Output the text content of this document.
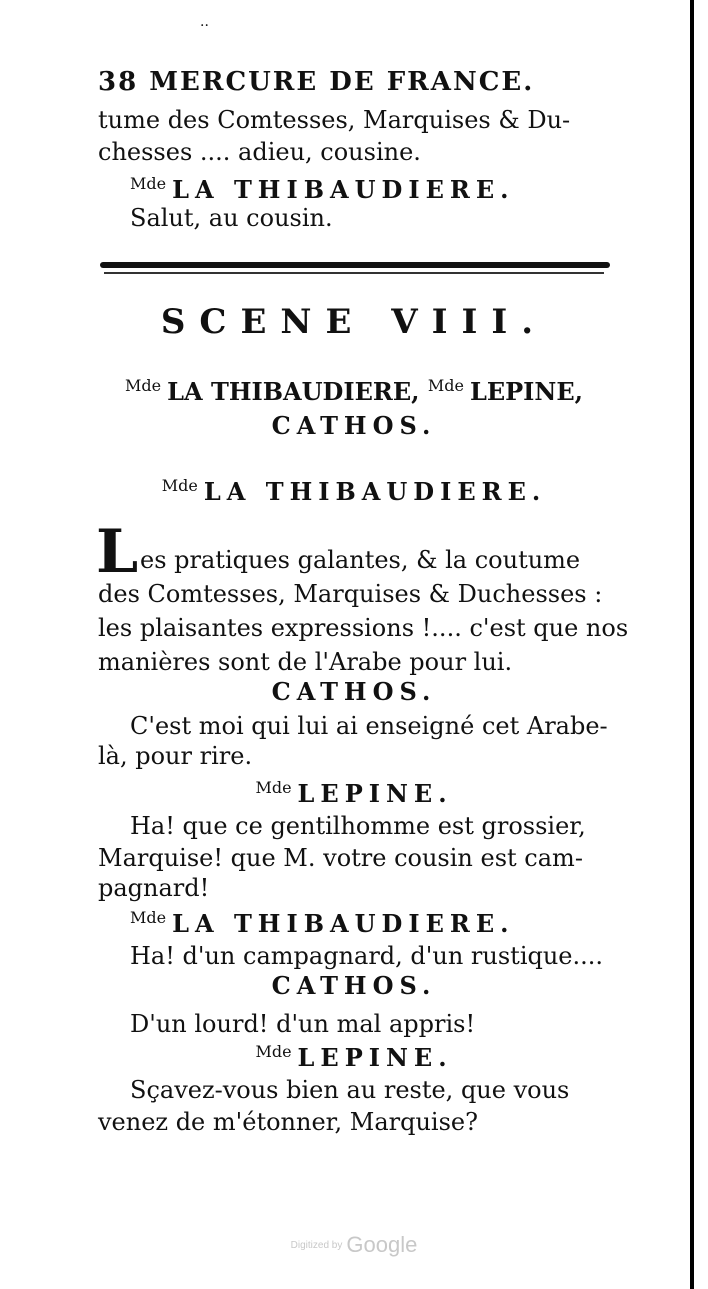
··
38 MERCURE DE FRANCE.
tume des Comtesses, Marquises & Du-
chesses .... adieu, cousine.
$^{Mde}$ LA THIBAUDIERE.
Salut, au cousin.
SCENE VIII.
$^{Mde}$ LA THIBAUDIERE, $^{Mde}$ LEPINE,
CATHOS.
$^{Mde}$ LA THIBAUDIERE.
L es pratiques galantes, & la coutume
des Comtesses, Marquises & Duchesses :
les plaisantes expressions !.... c'est que nos
manières sont de l'Arabe pour lui.
CATHOS.
C'est moi qui lui ai enseigné cet Arabe-
là, pour rire.
$^{Mde}$ LEPINE.
Ha! que ce gentilhomme est grossier,
Marquise! que M. votre cousin est cam-
pagnard!
$^{Mde}$ LA THIBAUDIERE.
Ha! d'un campagnard, d'un rustique....
CATHOS.
D'un lourd! d'un mal appris!
$^{Mde}$ LEPINE.
Sçavez-vous bien au reste, que vous
venez de m'étonner, Marquise?
Digitized by Google
